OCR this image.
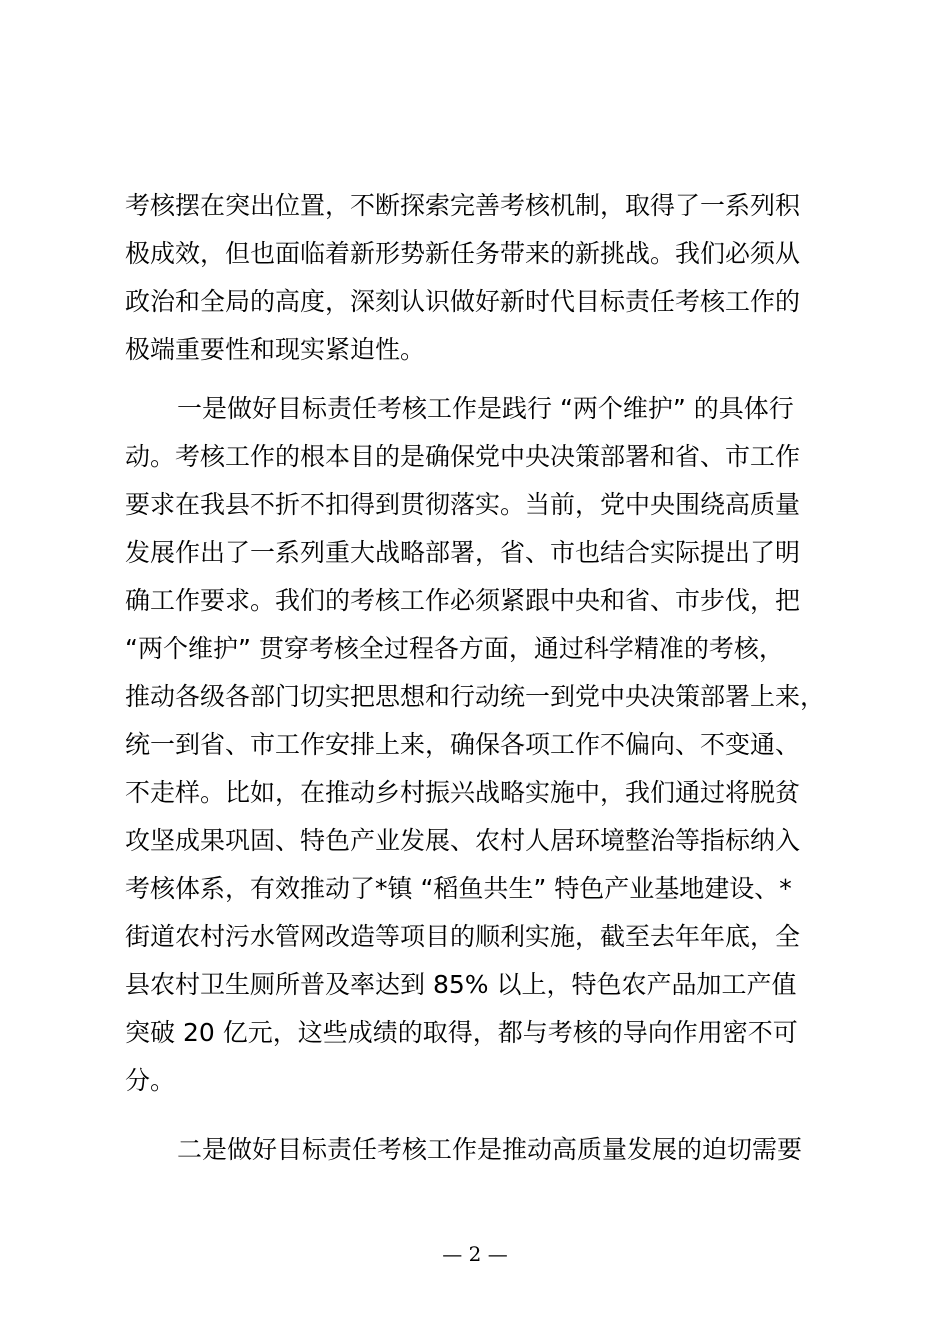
考核摆在突出位置，不断探索完善考核机制，取得了一系列积
极成效，但也面临着新形势新任务带来的新挑战。我们必须从
政治和全局的高度，深刻认识做好新时代目标责任考核工作的
极端重要性和现实紧迫性。
一是做好目标责任考核工作是践行 “两个维护” 的具体行
动。考核工作的根本目的是确保党中央决策部署和省、市工作
要求在我县不折不扣得到贯彻落实。当前，党中央围绕高质量
发展作出了一系列重大战略部署，省、市也结合实际提出了明
确工作要求。我们的考核工作必须紧跟中央和省、市步伐，把
“两个维护” 贯穿考核全过程各方面，通过科学精准的考核，
推动各级各部门切实把思想和行动统一到党中央决策部署上来，
统一到省、市工作安排上来，确保各项工作不偏向、不变通、
不走样。比如，在推动乡村振兴战略实施中，我们通过将脱贫
攻坚成果巩固、特色产业发展、农村人居环境整治等指标纳入
考核体系，有效推动了*镇 “稻鱼共生” 特色产业基地建设、*
街道农村污水管网改造等项目的顺利实施，截至去年年底，全
县农村卫生厕所普及率达到 85% 以上，特色农产品加工产值
突破 20 亿元，这些成绩的取得，都与考核的导向作用密不可
分。
二是做好目标责任考核工作是推动高质量发展的迫切需要
— 2 —
